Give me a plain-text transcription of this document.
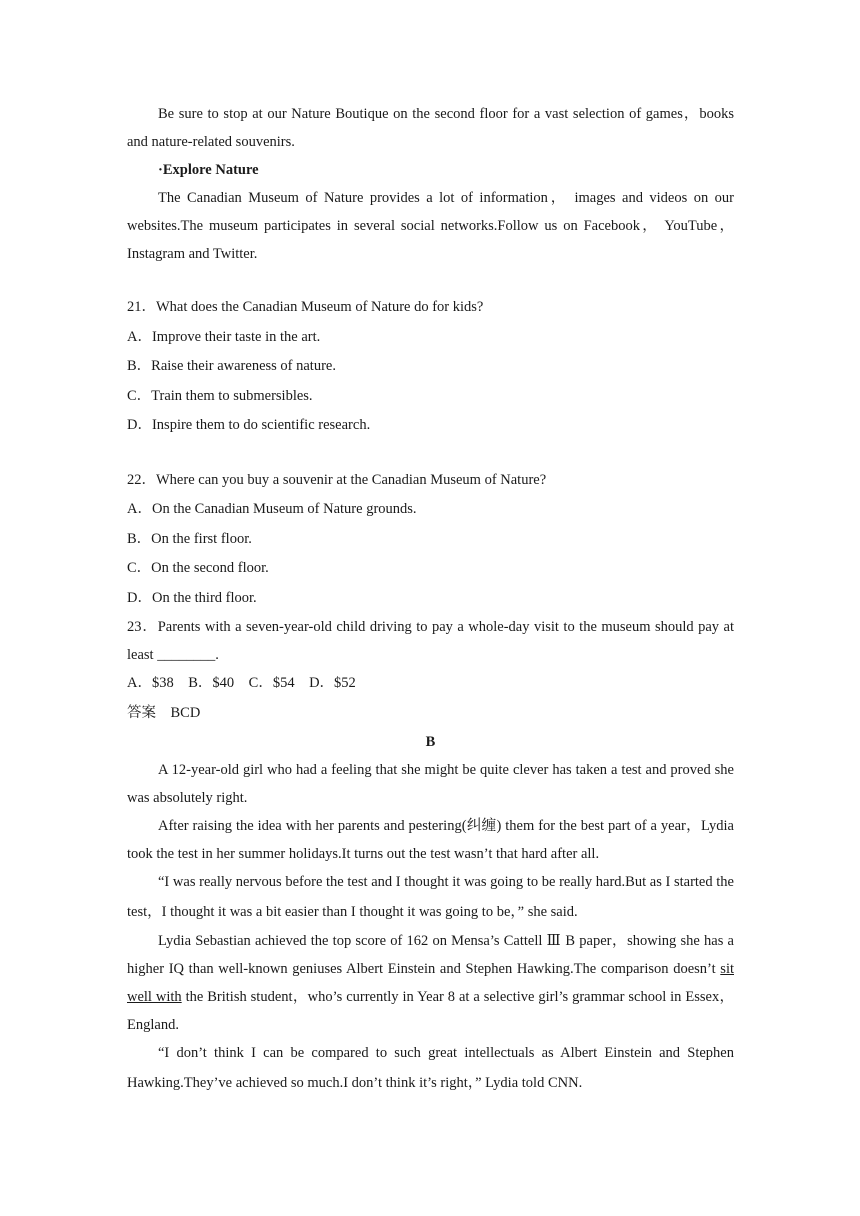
Be sure to stop at our Nature Boutique on the second floor for a vast selection of games，books and nature-related souvenirs.

·Explore Nature

The Canadian Museum of Nature provides a lot of information， images and videos on our websites.The museum participates in several social networks.Follow us on Facebook， YouTube，Instagram and Twitter.

21．What does the Canadian Museum of Nature do for kids?

A．Improve their taste in the art.

B．Raise their awareness of nature.

C．Train them to submersibles.

D．Inspire them to do scientific research.

22．Where can you buy a souvenir at the Canadian Museum of Nature?

A．On the Canadian Museum of Nature grounds.

B．On the first floor.

C．On the second floor.

D．On the third floor.

23．Parents with a seven-year-old child driving to pay a whole-day visit to the museum should pay at least ________.

A．$38　B．$40　C．$54　D．$52

答案　 BCD

B

A 12-year-old girl who had a feeling that she might be quite clever has taken a test and proved she was absolutely right.

After raising the idea with her parents and pestering(纠缠) them for the best part of a year，Lydia took the test in her summer holidays.It turns out the test wasn’t that hard after all.

“I was really nervous before the test and I thought it was going to be really hard.But as I started the test，I thought it was a bit easier than I thought it was going to be，” she said.

Lydia Sebastian achieved the top score of 162 on Mensa’s Cattell Ⅲ B paper，showing she has a higher IQ than well-known geniuses Albert Einstein and Stephen Hawking.The comparison doesn’t sit well with the British student，who’s currently in Year 8 at a selective girl’s grammar school in Essex，England.

“I don’t think I can be compared to such great intellectuals as Albert Einstein and Stephen Hawking.They’ve achieved so much.I don’t think it’s right，” Lydia told CNN.
